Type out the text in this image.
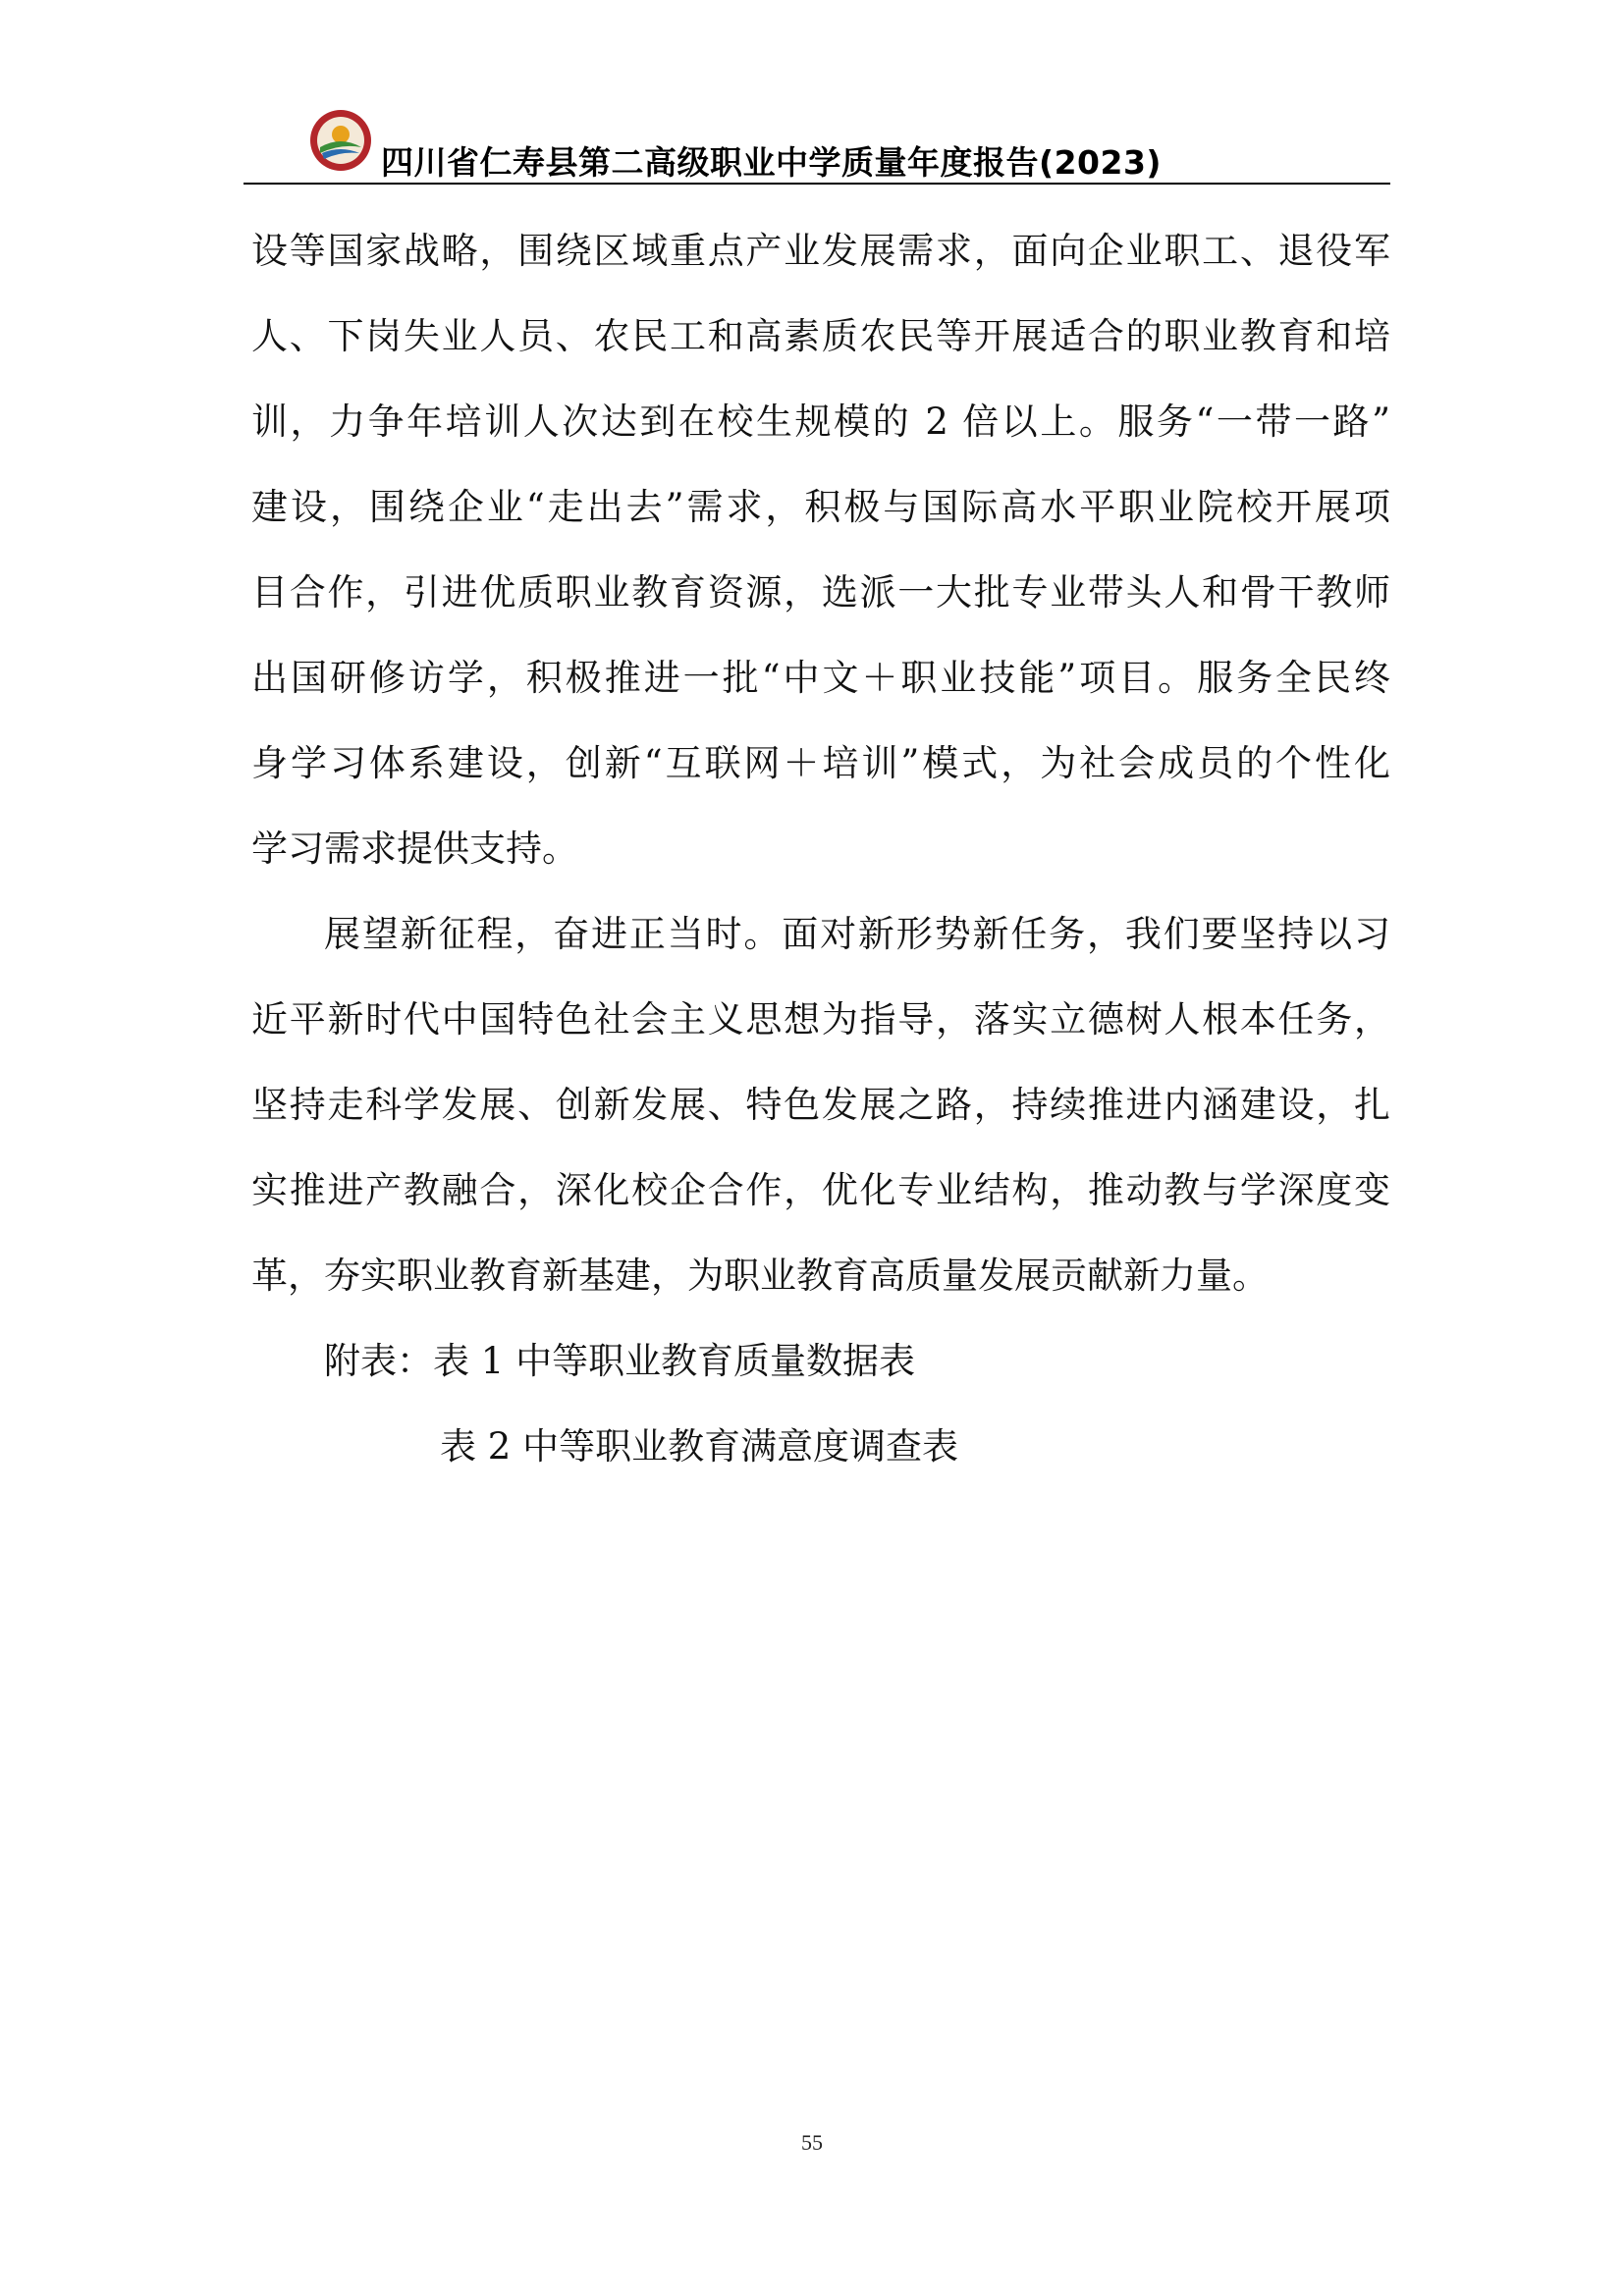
四川省仁寿县第二高级职业中学质量年度报告(2023)
设等国家战略，围绕区域重点产业发展需求，面向企业职工、退役军
人、下岗失业人员、农民工和高素质农民等开展适合的职业教育和培
训，力争年培训人次达到在校生规模的 2 倍以上。服务“一带一路”
建设，围绕企业“走出去”需求，积极与国际高水平职业院校开展项
目合作，引进优质职业教育资源，选派一大批专业带头人和骨干教师
出国研修访学，积极推进一批“中文＋职业技能”项目。服务全民终
身学习体系建设，创新“互联网＋培训”模式，为社会成员的个性化
学习需求提供支持。
展望新征程，奋进正当时。面对新形势新任务，我们要坚持以习
近平新时代中国特色社会主义思想为指导，落实立德树人根本任务，
坚持走科学发展、创新发展、特色发展之路，持续推进内涵建设，扎
实推进产教融合，深化校企合作，优化专业结构，推动教与学深度变
革，夯实职业教育新基建，为职业教育高质量发展贡献新力量。
附表：表 1 中等职业教育质量数据表
表 2 中等职业教育满意度调查表
55
